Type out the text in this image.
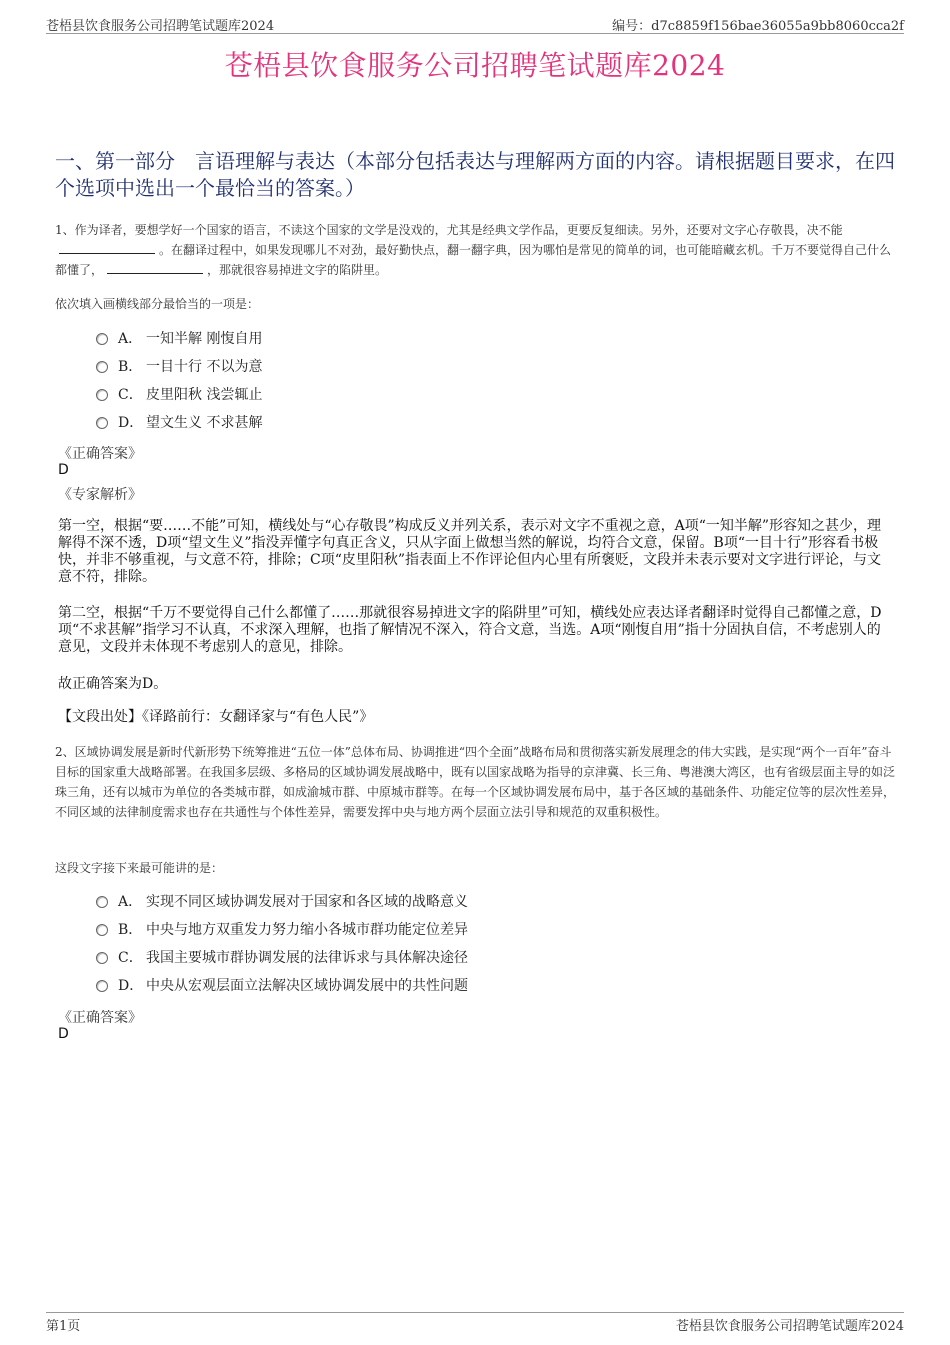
苍梧县饮食服务公司招聘笔试题库2024	编号：d7c8859f156bae36055a9bb8060cca2f
苍梧县饮食服务公司招聘笔试题库2024
一、第一部分　言语理解与表达（本部分包括表达与理解两方面的内容。请根据题目要求，在四个选项中选出一个最恰当的答案。）
1、作为译者，要想学好一个国家的语言，不读这个国家的文学是没戏的，尤其是经典文学作品，更要反复细读。另外，还要对文字心存敬畏，决不能。在翻译过程中，如果发现哪儿不对劲，最好勤快点，翻一翻字典，因为哪怕是常见的简单的词，也可能暗藏玄机。千万不要觉得自己什么都懂了，	，那就很容易掉进文字的陷阱里。
依次填入画横线部分最恰当的一项是：
A． 一知半解 刚愎自用
B． 一目十行 不以为意
C． 皮里阳秋 浅尝辄止
D． 望文生义 不求甚解
《正确答案》
D
《专家解析》
第一空，根据“要……不能”可知，横线处与“心存敬畏”构成反义并列关系，表示对文字不重视之意，A项“一知半解”形容知之甚少，理解得不深不透，D项“望文生义”指没弄懂字句真正含义，只从字面上做想当然的解说，均符合文意，保留。B项“一目十行”形容看书极快，并非不够重视，与文意不符，排除；C项“皮里阳秋”指表面上不作评论但内心里有所褒贬，文段并未表示要对文字进行评论，与文意不符，排除。
第二空，根据“千万不要觉得自己什么都懂了……那就很容易掉进文字的陷阱里”可知，横线处应表达译者翻译时觉得自己都懂之意，D项“不求甚解”指学习不认真，不求深入理解，也指了解情况不深入，符合文意，当选。A项“刚愎自用”指十分固执自信，不考虑别人的意见，文段并未体现不考虑别人的意见，排除。
故正确答案为D。
【文段出处】《译路前行：女翻译家与“有色人民”》
2、区域协调发展是新时代新形势下统筹推进“五位一体”总体布局、协调推进“四个全面”战略布局和贯彻落实新发展理念的伟大实践，是实现“两个一百年”奋斗目标的国家重大战略部署。在我国多层级、多格局的区域协调发展战略中，既有以国家战略为指导的京津冀、长三角、粤港澳大湾区，也有省级层面主导的如泛珠三角，还有以城市为单位的各类城市群，如成渝城市群、中原城市群等。在每一个区域协调发展布局中，基于各区域的基础条件、功能定位等的层次性差异，不同区域的法律制度需求也存在共通性与个体性差异，需要发挥中央与地方两个层面立法引导和规范的双重积极性。
这段文字接下来最可能讲的是：
A． 实现不同区域协调发展对于国家和各区域的战略意义
B． 中央与地方双重发力努力缩小各城市群功能定位差异
C． 我国主要城市群协调发展的法律诉求与具体解决途径
D． 中央从宏观层面立法解决区域协调发展中的共性问题
《正确答案》
D
第1页	苍梧县饮食服务公司招聘笔试题库2024
